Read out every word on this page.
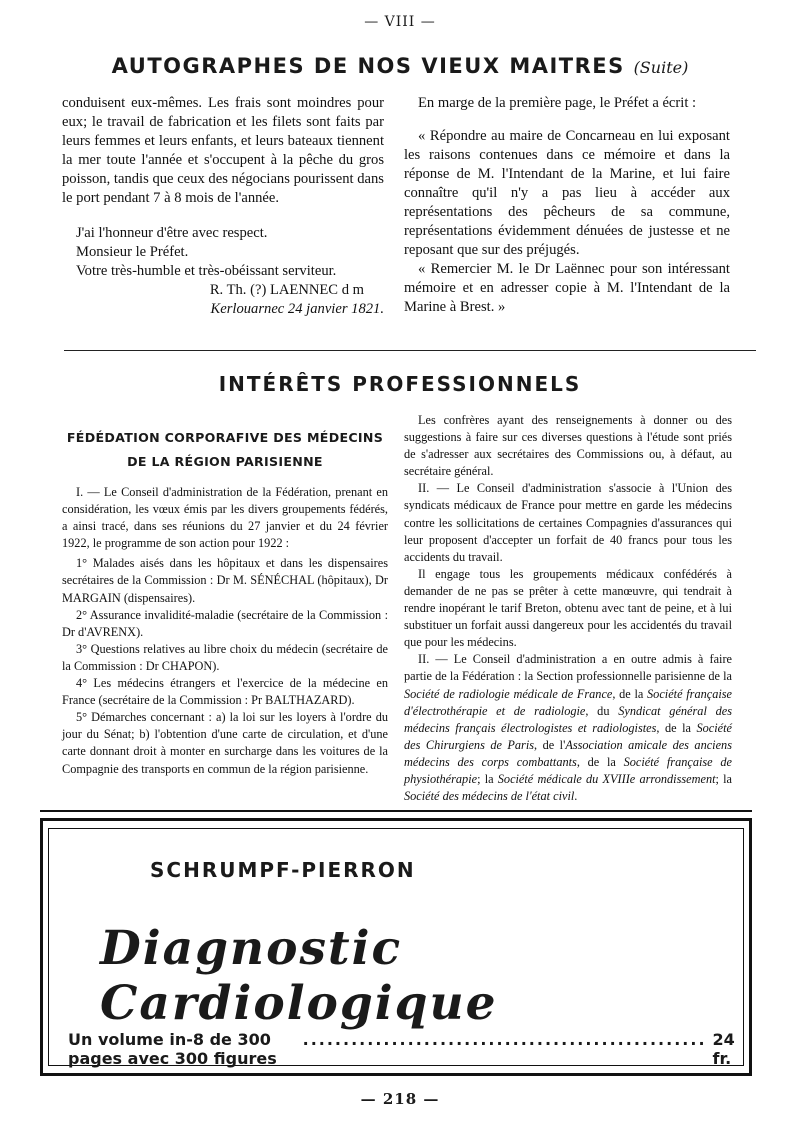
— VIII —
AUTOGRAPHES DE NOS VIEUX MAITRES (Suite)

conduisent eux-mêmes. Les frais sont moindres pour eux; le travail de fabrication et les filets sont faits par leurs femmes et leurs enfants, et leurs bateaux tiennent la mer toute l'année et s'occupent à la pêche du gros poisson, tandis que ceux des négocians pourissent dans le port pendant 7 à 8 mois de l'année.

J'ai l'honneur d'être avec respect.

Monsieur le Préfet.

Votre très-humble et très-obéissant serviteur.

R. Th. (?) LAENNEC d m

Kerlouarnec 24 janvier 1821.

En marge de la première page, le Préfet a écrit :

« Répondre au maire de Concarneau en lui exposant les raisons contenues dans ce mémoire et dans la réponse de M. l'Intendant de la Marine, et lui faire connaître qu'il n'y a pas lieu à accéder aux représentations des pêcheurs de sa commune, représentations évidemment dénuées de justesse et ne reposant que sur des préjugés.

« Remercier M. le Dr Laënnec pour son intéressant mémoire et en adresser copie à M. l'Intendant de la Marine à Brest. »

INTÉRÊTS PROFESSIONNELS
FÉDÉDATION CORPORAFIVE DES MÉDECINS
DE LA RÉGION PARISIENNE

I. — Le Conseil d'administration de la Fédération, prenant en considération, les vœux émis par les divers groupements fédérés, a ainsi tracé, dans ses réunions du 27 janvier et du 24 février 1922, le programme de son action pour 1922 :

1° Malades aisés dans les hôpitaux et dans les dispensaires secrétaires de la Commission : Dr M. SÉNÉCHAL (hôpitaux), Dr MARGAIN (dispensaires).

2° Assurance invalidité-maladie (secrétaire de la Commission : Dr d'AVRENX).

3° Questions relatives au libre choix du médecin (secrétaire de la Commission : Dr CHAPON).

4° Les médecins étrangers et l'exercice de la médecine en France (secrétaire de la Commission : Pr BALTHAZARD).

5° Démarches concernant : a) la loi sur les loyers à l'ordre du jour du Sénat; b) l'obtention d'une carte de circulation, et d'une carte donnant droit à monter en surcharge dans les voitures de la Compagnie des transports en commun de la région parisienne.

Les confrères ayant des renseignements à donner ou des suggestions à faire sur ces diverses questions à l'étude sont priés de s'adresser aux secrétaires des Commissions ou, à défaut, au secrétaire général.

II. — Le Conseil d'administration s'associe à l'Union des syndicats médicaux de France pour mettre en garde les médecins contre les sollicitations de certaines Compagnies d'assurances qui leur proposent d'accepter un forfait de 40 francs pour tous les accidents du travail.

Il engage tous les groupements médicaux confédérés à demander de ne pas se prêter à cette manœuvre, qui tendrait à rendre inopérant le tarif Breton, obtenu avec tant de peine, et à lui substituer un forfait aussi dangereux pour les accidentés du travail que pour les médecins.

II. — Le Conseil d'administration a en outre admis à faire partie de la Fédération : la Section professionnelle parisienne de la Société de radiologie médicale de France, de la Société française d'électrothérapie et de radiologie, du Syndicat général des médecins français électrologistes et radiologistes, de la Société des Chirurgiens de Paris, de l'Association amicale des anciens médecins des corps combattants, de la Société française de physiothérapie; la Société médicale du XVIIIe arrondissement; la Société des médecins de l'état civil.

SCHRUMPF-PIERRON
Diagnostic Cardiologique
Un volume in-8 de 300 pages avec 300 figures
.................................................. 24 fr.
— 218 —
